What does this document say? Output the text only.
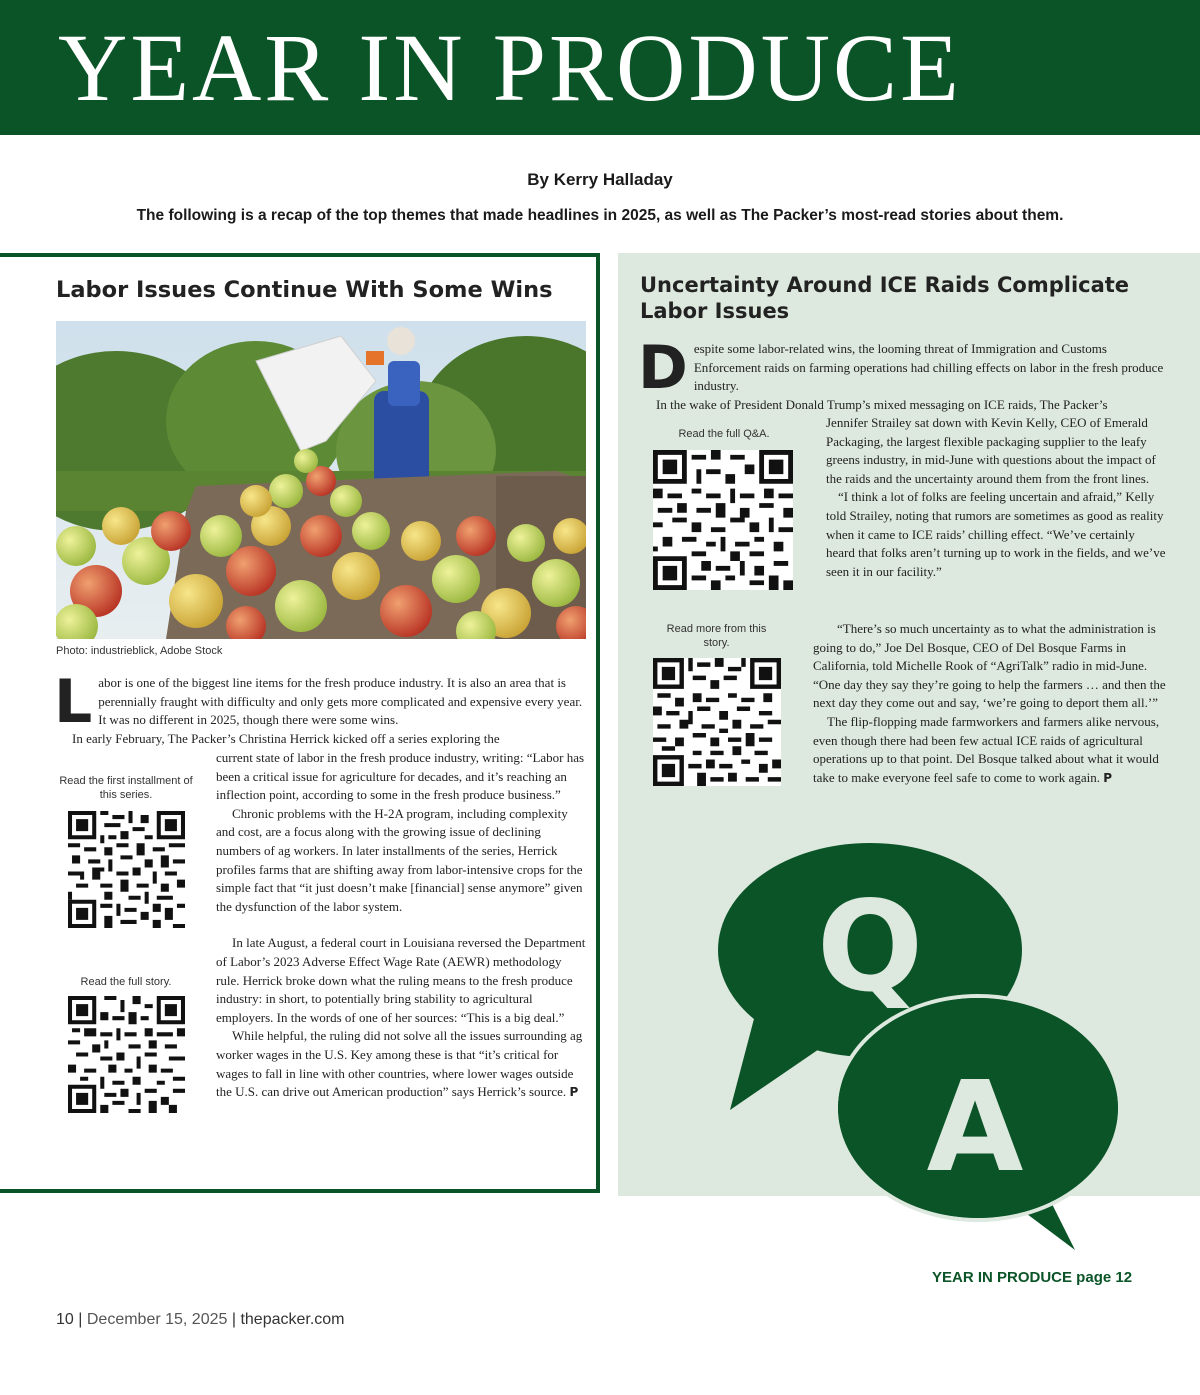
YEAR IN PRODUCE
By Kerry Halladay
The following is a recap of the top themes that made headlines in 2025, as well as The Packer’s most-read stories about them.
Labor Issues Continue With Some Wins
Photo: industrieblick, Adobe Stock
L abor is one of the biggest line items for the fresh produce industry. It is also an area that is perennially fraught with difficulty and only gets more complicated and expensive every year. It was no different in 2025, though there were some wins.

In early February, The Packer’s Christina Herrick kicked off a series exploring the

Read the first installment of this series.

current state of labor in the fresh produce industry, writing: “Labor has been a critical issue for agriculture for decades, and it’s reaching an inflection point, according to some in the fresh produce business.”

Chronic problems with the H-2A program, including complexity and cost, are a focus along with the growing issue of declining numbers of ag workers. In later installments of the series, Herrick profiles farms that are shifting away from labor-intensive crops for the simple fact that “it just doesn’t make [financial] sense anymore” given the dysfunction of the labor system.

In late August, a federal court in Louisiana reversed the Department of Labor’s 2023 Adverse Effect Wage Rate (AEWR) methodology rule. Herrick broke down what the ruling means to the fresh produce industry: in short, to potentially bring stability to agricultural employers. In the words of one of her sources: “This is a big deal.”

While helpful, the ruling did not solve all the issues surrounding ag worker wages in the U.S. Key among these is that “it’s critical for wages to fall in line with other countries, where lower wages outside the U.S. can drive out American production” says Herrick’s source. P

Read the full story.
Uncertainty Around ICE Raids Complicate Labor Issues
D espite some labor-related wins, the looming threat of Immigration and Customs Enforcement raids on farming operations had chilling effects on labor in the fresh produce industry.

In the wake of President Donald Trump’s mixed messaging on ICE raids, The Packer’s

Read the full Q&A.

Jennifer Strailey sat down with Kevin Kelly, CEO of Emerald Packaging, the largest flexible packaging supplier to the leafy greens industry, in mid-June with questions about the impact of the raids and the uncertainty around them from the front lines.

“I think a lot of folks are feeling uncertain and afraid,” Kelly told Strailey, noting that rumors are sometimes as good as reality when it came to ICE raids’ chilling effect. “We’ve certainly heard that folks aren’t turning up to work in the fields, and we’ve seen it in our facility.”

Read more from this story.

“There’s so much uncertainty as to what the administration is going to do,” Joe Del Bosque, CEO of Del Bosque Farms in California, told Michelle Rook of “AgriTalk” radio in mid-June. “One day they say they’re going to help the farmers … and then the next day they come out and say, ‘we’re going to deport them all.’”

The flip-flopping made farmworkers and farmers alike nervous, even though there had been few actual ICE raids of agricultural operations up to that point. Del Bosque talked about what it would take to make everyone feel safe to come to work again. P

Q
A
YEAR IN PRODUCE page 12
10 | December 15, 2025 | thepacker.com
